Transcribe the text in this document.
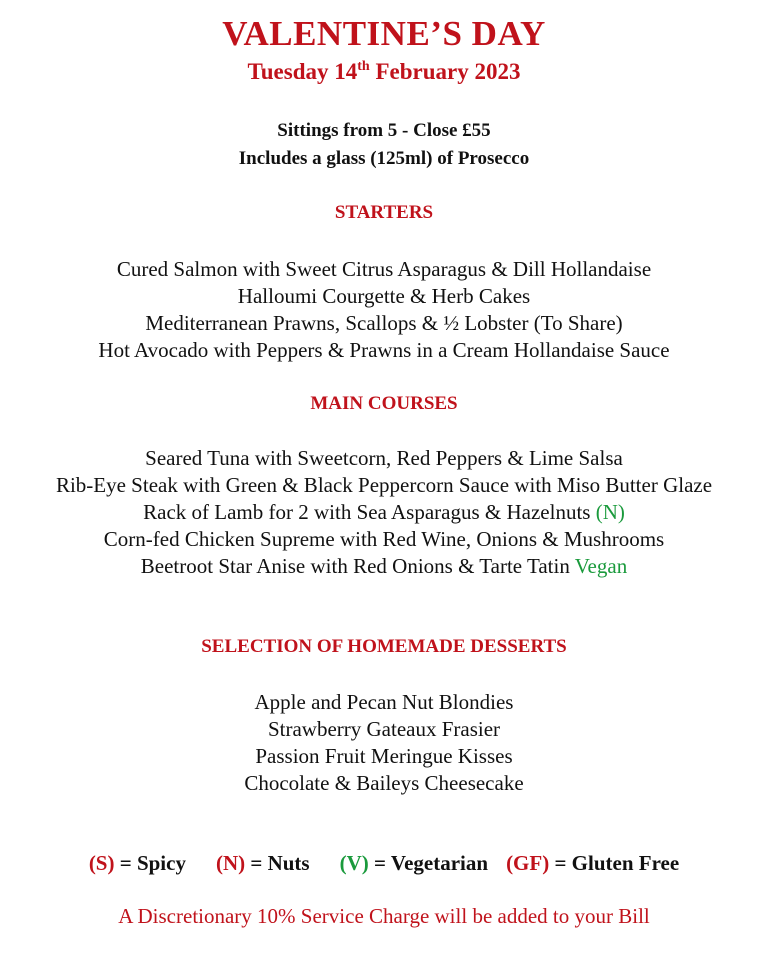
VALENTINE’S DAY
Tuesday 14th February 2023
Sittings from 5 - Close £55
Includes a glass (125ml) of Prosecco
STARTERS
Cured Salmon with Sweet Citrus Asparagus & Dill Hollandaise
Halloumi Courgette & Herb Cakes
Mediterranean Prawns, Scallops & ½ Lobster (To Share)
Hot Avocado with Peppers & Prawns in a Cream Hollandaise Sauce
MAIN COURSES
Seared Tuna with Sweetcorn, Red Peppers & Lime Salsa
Rib-Eye Steak with Green & Black Peppercorn Sauce with Miso Butter Glaze
Rack of Lamb for 2 with Sea Asparagus & Hazelnuts (N)
Corn-fed Chicken Supreme with Red Wine, Onions & Mushrooms
Beetroot Star Anise with Red Onions & Tarte Tatin Vegan
SELECTION OF HOMEMADE DESSERTS
Apple and Pecan Nut Blondies
Strawberry Gateaux Frasier
Passion Fruit Meringue Kisses
Chocolate & Baileys Cheesecake
(S) = Spicy (N) = Nuts (V) = Vegetarian (GF) = Gluten Free
A Discretionary 10% Service Charge will be added to your Bill
